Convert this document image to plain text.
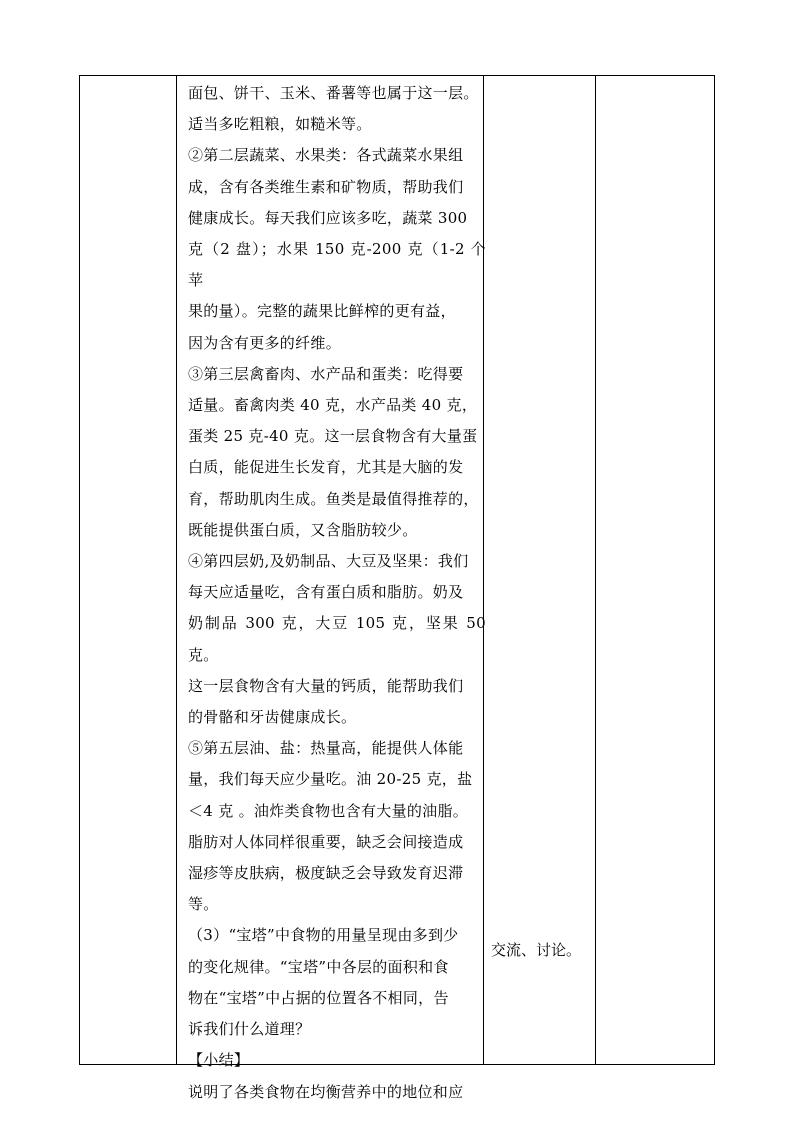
面包、饼干、玉米、番薯等也属于这一层。

适当多吃粗粮，如糙米等。

②第二层蔬菜、水果类：各式蔬菜水果组

成，含有各类维生素和矿物质，帮助我们

健康成长。每天我们应该多吃，蔬菜 300

克（2 盘）；水果 150 克-200 克（1-2 个苹

果的量）。完整的蔬果比鲜榨的更有益，

因为含有更多的纤维。

③第三层禽畜肉、水产品和蛋类：吃得要

适量。畜禽肉类 40 克，水产品类 40 克，

蛋类 25 克-40 克。这一层食物含有大量蛋

白质，能促进生长发育，尤其是大脑的发

育，帮助肌肉生成。鱼类是最值得推荐的，

既能提供蛋白质，又含脂肪较少。

④第四层奶,及奶制品、大豆及坚果：我们

每天应适量吃，含有蛋白质和脂肪。奶及

奶制品 300 克，大豆 105 克，坚果 50 克。

这一层食物含有大量的钙质，能帮助我们

的骨骼和牙齿健康成长。

⑤第五层油、盐：热量高，能提供人体能

量，我们每天应少量吃。油 20-25 克，盐

＜4 克 。油炸类食物也含有大量的油脂。

脂肪对人体同样很重要，缺乏会间接造成

湿疹等皮肤病，极度缺乏会导致发育迟滞

等。

（3）“宝塔”中食物的用量呈现由多到少

的变化规律。“宝塔”中各层的面积和食

物在“宝塔”中占据的位置各不相同，告

诉我们什么道理？

【小结】

说明了各类食物在均衡营养中的地位和应

交流、讨论。
